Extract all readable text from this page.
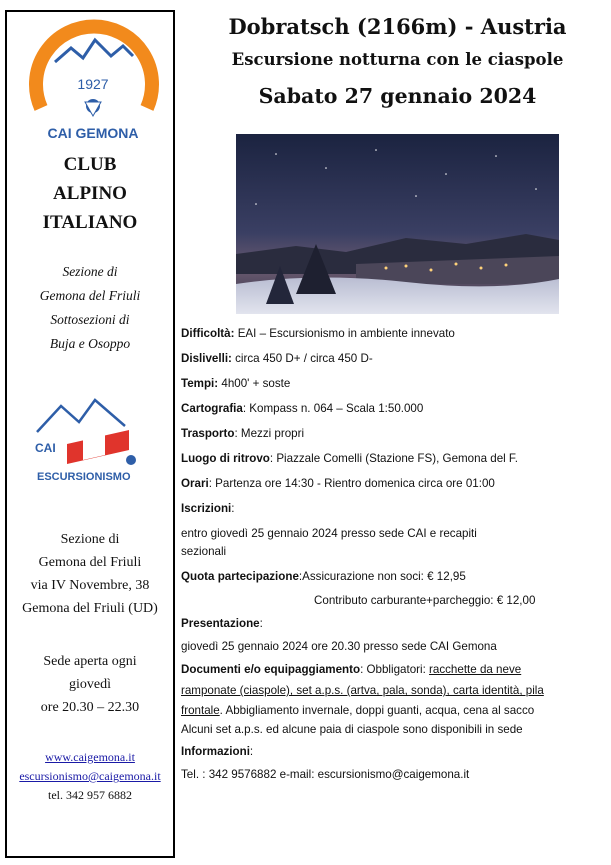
1927
CAI GEMONA
CLUB
ALPINO
ITALIANO
Sezione di
Gemona del Friuli
Sottosezioni di
Buja e Osoppo
CAI
ESCURSIONISMO
Sezione di
Gemona del Friuli
via IV Novembre, 38
Gemona del Friuli (UD)
Sede aperta ogni
giovedì
ore 20.30 – 22.30
www.caigemona.it
escursionismo@caigemona.it
tel. 342 957 6882
Dobratsch (2166m) - Austria
Escursione notturna con le ciaspole
Sabato 27 gennaio 2024
Difficoltà: EAI – Escursionismo in ambiente innevato
Dislivelli: circa 450 D+ / circa 450 D-
Tempi: 4h00' + soste
Cartografia: Kompass n. 064 – Scala 1:50.000
Trasporto: Mezzi propri
Luogo di ritrovo: Piazzale Comelli (Stazione FS), Gemona del F.
Orari: Partenza ore 14:30 - Rientro domenica circa ore 01:00
Iscrizioni:
entro giovedì 25 gennaio 2024 presso sede CAI e recapiti
sezionali
Quota partecipazione:Assicurazione non soci: € 12,95
Contributo carburante+parcheggio: € 12,00
Presentazione:
giovedì 25 gennaio 2024 ore 20.30 presso sede CAI Gemona
Documenti e/o equipaggiamento: Obbligatori: racchette da neve
ramponate (ciaspole), set a.p.s. (artva, pala, sonda), carta identità, pila
frontale. Abbigliamento invernale, doppi guanti, acqua, cena al sacco
Alcuni set a.p.s. ed alcune paia di ciaspole sono disponibili in sede
Informazioni:
Tel. : 342 9576882 e-mail: escursionismo@caigemona.it
